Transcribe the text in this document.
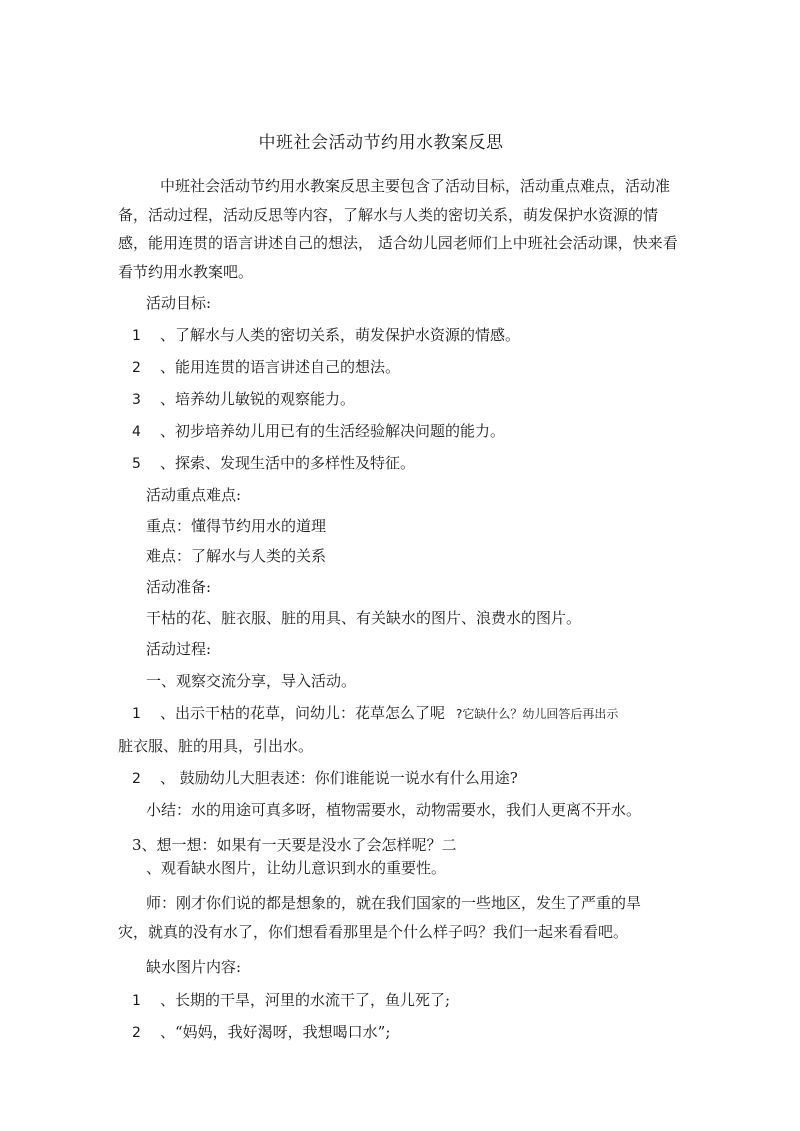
中班社会活动节约用水教案反思

中班社会活动节约用水教案反思主要包含了活动目标，活动重点难点，活动准备，活动过程，活动反思等内容，了解水与人类的密切关系，萌发保护水资源的情感，能用连贯的语言讲述自己的想法， 适合幼儿园老师们上中班社会活动课，快来看看节约用水教案吧。

活动目标:
1 、了解水与人类的密切关系，萌发保护水资源的情感。
2 、能用连贯的语言讲述自己的想法。
3 、培养幼儿敏锐的观察能力。
4 、初步培养幼儿用已有的生活经验解决问题的能力。
5 、探索、发现生活中的多样性及特征。
活动重点难点:
重点：懂得节约用水的道理
难点：了解水与人类的关系
活动准备:
干枯的花、脏衣服、脏的用具、有关缺水的图片、浪费水的图片。
活动过程:
一、观察交流分享，导入活动。
1 、出示干枯的花草，问幼儿：花草怎么了呢 ?它缺什么？幼儿回答后再出示
脏衣服、脏的用具，引出水。
2 、 鼓励幼儿大胆表述：你们谁能说一说水有什么用途?
小结：水的用途可真多呀，植物需要水，动物需要水，我们人更离不开水。
3、想一想：如果有一天要是没水了会怎样呢？二
、观看缺水图片，让幼儿意识到水的重要性。

师：刚才你们说的都是想象的，就在我们国家的一些地区，发生了严重的旱灾，就真的没有水了，你们想看看那里是个什么样子吗？我们一起来看看吧。

缺水图片内容:
1 、长期的干旱，河里的水流干了，鱼儿死了;
2 、“妈妈，我好渴呀，我想喝口水”;
